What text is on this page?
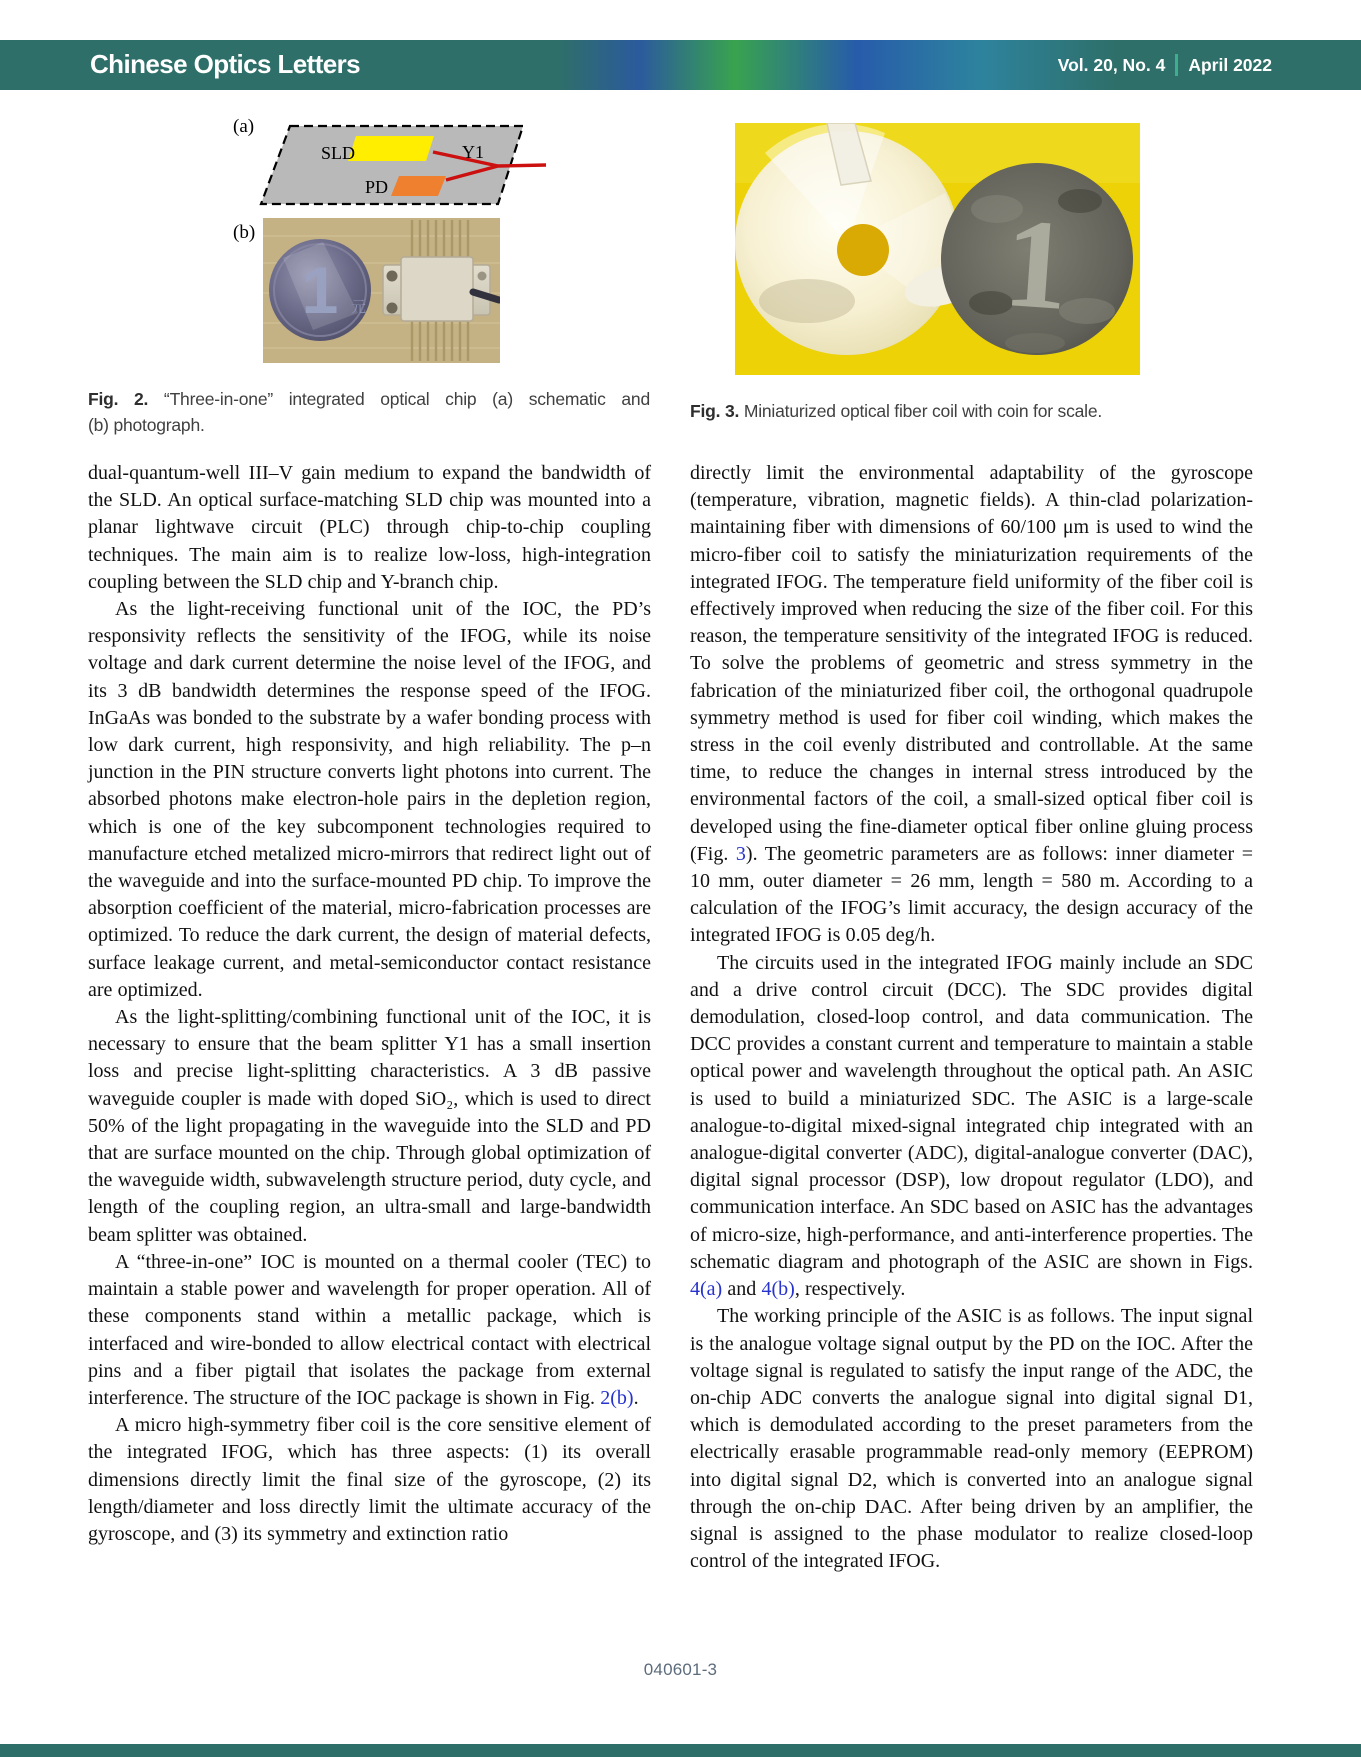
Chinese Optics Letters	Vol. 20, No. 4 April 2022
(a)
SLD
PD
Y1
(b)
1 元
Fig. 2. “Three-in-one” integrated optical chip (a) schematic and
(b) photograph.
1
Fig. 3. Miniaturized optical fiber coil with coin for scale.

dual-quantum-well III–V gain medium to expand the bandwidth of the SLD. An optical surface-matching SLD chip was mounted into a planar lightwave circuit (PLC) through chip-to-chip coupling techniques. The main aim is to realize low-loss, high-integration coupling between the SLD chip and Y-branch chip.

As the light-receiving functional unit of the IOC, the PD’s responsivity reflects the sensitivity of the IFOG, while its noise voltage and dark current determine the noise level of the IFOG, and its 3 dB bandwidth determines the response speed of the IFOG. InGaAs was bonded to the substrate by a wafer bonding process with low dark current, high responsivity, and high reliability. The p–n junction in the PIN structure converts light photons into current. The absorbed photons make electron-hole pairs in the depletion region, which is one of the key subcomponent technologies required to manufacture etched metalized micro-mirrors that redirect light out of the waveguide and into the surface-mounted PD chip. To improve the absorption coefficient of the material, micro-fabrication processes are optimized. To reduce the dark current, the design of material defects, surface leakage current, and metal-semiconductor contact resistance are optimized.

As the light-splitting/combining functional unit of the IOC, it is necessary to ensure that the beam splitter Y1 has a small insertion loss and precise light-splitting characteristics. A 3 dB passive waveguide coupler is made with doped SiO₂, which is used to direct 50% of the light propagating in the waveguide into the SLD and PD that are surface mounted on the chip. Through global optimization of the waveguide width, subwavelength structure period, duty cycle, and length of the coupling region, an ultra-small and large-bandwidth beam splitter was obtained.

A “three-in-one” IOC is mounted on a thermal cooler (TEC) to maintain a stable power and wavelength for proper operation. All of these components stand within a metallic package, which is interfaced and wire-bonded to allow electrical contact with electrical pins and a fiber pigtail that isolates the package from external interference. The structure of the IOC package is shown in Fig. 2(b).

A micro high-symmetry fiber coil is the core sensitive element of the integrated IFOG, which has three aspects: (1) its overall dimensions directly limit the final size of the gyroscope, (2) its length/diameter and loss directly limit the ultimate accuracy of the gyroscope, and (3) its symmetry and extinction ratio

directly limit the environmental adaptability of the gyroscope (temperature, vibration, magnetic fields). A thin-clad polarization-maintaining fiber with dimensions of 60/100 μm is used to wind the micro-fiber coil to satisfy the miniaturization requirements of the integrated IFOG. The temperature field uniformity of the fiber coil is effectively improved when reducing the size of the fiber coil. For this reason, the temperature sensitivity of the integrated IFOG is reduced. To solve the problems of geometric and stress symmetry in the fabrication of the miniaturized fiber coil, the orthogonal quadrupole symmetry method is used for fiber coil winding, which makes the stress in the coil evenly distributed and controllable. At the same time, to reduce the changes in internal stress introduced by the environmental factors of the coil, a small-sized optical fiber coil is developed using the fine-diameter optical fiber online gluing process (Fig. 3). The geometric parameters are as follows: inner diameter = 10 mm, outer diameter = 26 mm, length = 580 m. According to a calculation of the IFOG’s limit accuracy, the design accuracy of the integrated IFOG is 0.05 deg/h.

The circuits used in the integrated IFOG mainly include an SDC and a drive control circuit (DCC). The SDC provides digital demodulation, closed-loop control, and data communication. The DCC provides a constant current and temperature to maintain a stable optical power and wavelength throughout the optical path. An ASIC is used to build a miniaturized SDC. The ASIC is a large-scale analogue-to-digital mixed-signal integrated chip integrated with an analogue-digital converter (ADC), digital-analogue converter (DAC), digital signal processor (DSP), low dropout regulator (LDO), and communication interface. An SDC based on ASIC has the advantages of micro-size, high-performance, and anti-interference properties. The schematic diagram and photograph of the ASIC are shown in Figs. 4(a) and 4(b), respectively.

The working principle of the ASIC is as follows. The input signal is the analogue voltage signal output by the PD on the IOC. After the voltage signal is regulated to satisfy the input range of the ADC, the on-chip ADC converts the analogue signal into digital signal D1, which is demodulated according to the preset parameters from the electrically erasable programmable read-only memory (EEPROM) into digital signal D2, which is converted into an analogue signal through the on-chip DAC. After being driven by an amplifier, the signal is assigned to the phase modulator to realize closed-loop control of the integrated IFOG.

040601-3
